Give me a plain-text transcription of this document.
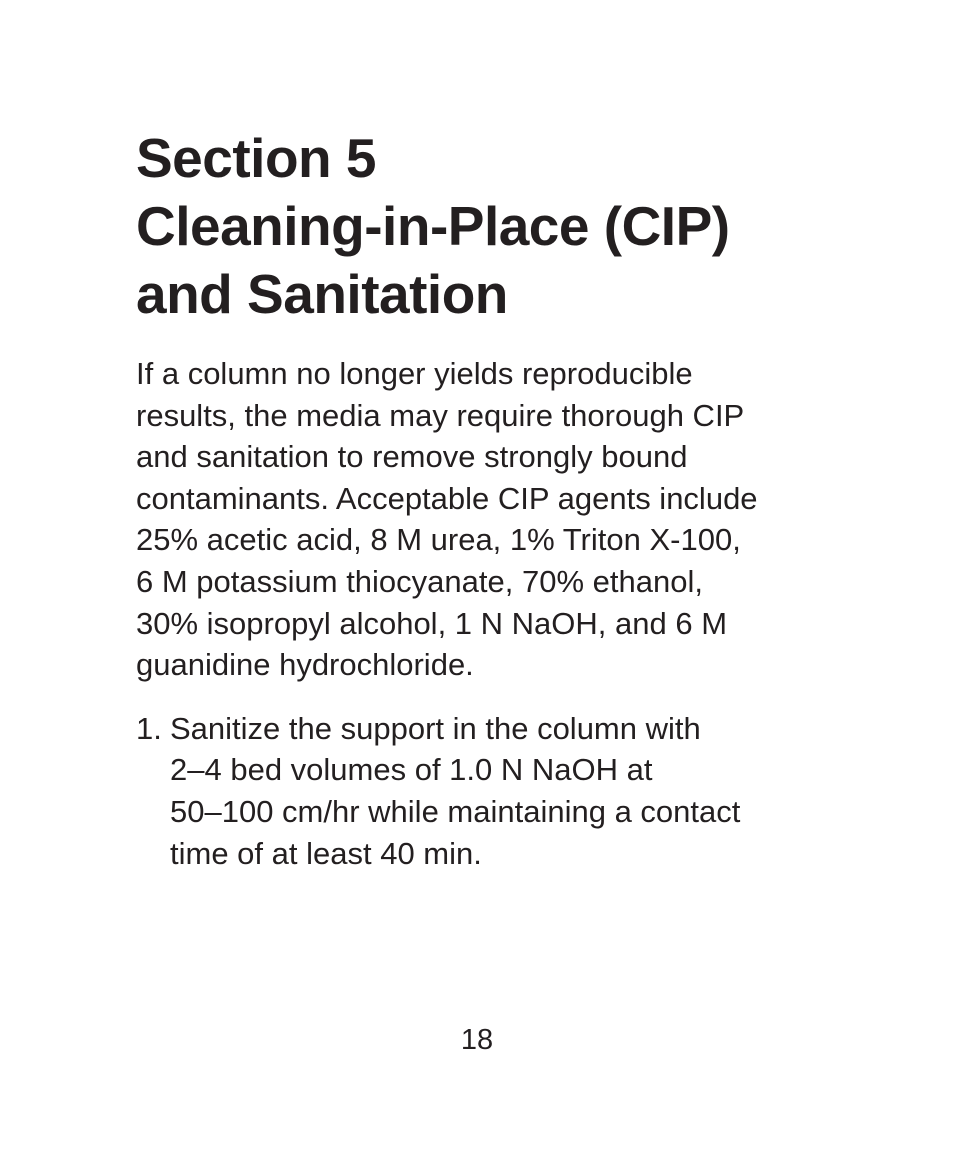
Section 5
Cleaning-in-Place (CIP)
and Sanitation

If a column no longer yields reproducible
results, the media may require thorough CIP
and sanitation to remove strongly bound
contaminants. Acceptable CIP agents include
25% acetic acid, 8 M urea, 1% Triton X-100,
6 M potassium thiocyanate, 70% ethanol,
30% isopropyl alcohol, 1 N NaOH, and 6 M
guanidine hydrochloride.

1. Sanitize the support in the column with
2–4 bed volumes of 1.0 N NaOH at
50–100 cm/hr while maintaining a contact
time of at least 40 min.
18
